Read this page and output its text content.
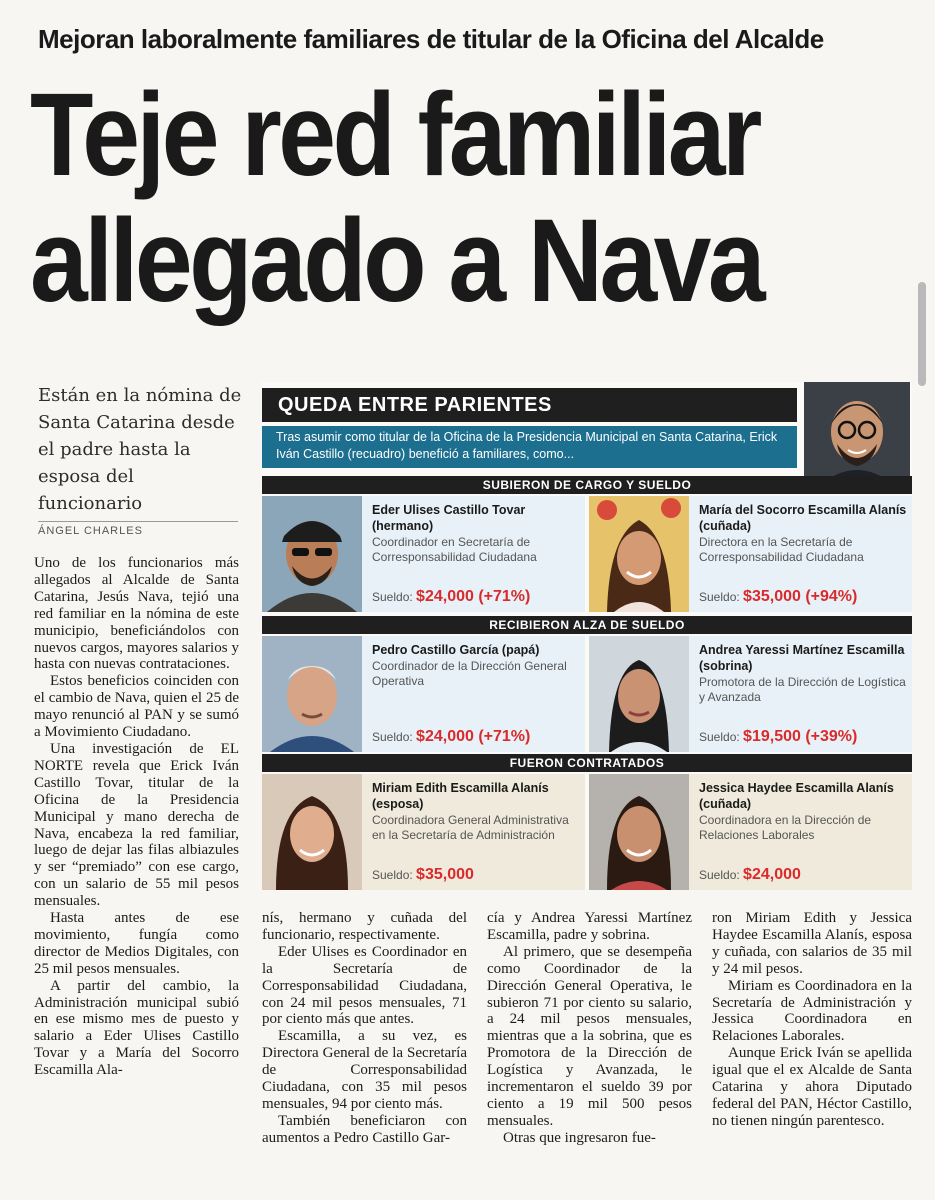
Mejoran laboralmente familiares de titular de la Oficina del Alcalde
Teje red familiar
allegado a Nava
Están en la nómina de Santa Catarina desde el padre hasta la esposa del funcionario
ÁNGEL CHARLES
QUEDA ENTRE PARIENTES
Tras asumir como titular de la Oficina de la Presidencia Municipal en Santa Catarina, Erick Iván Castillo (recuadro) benefició a familiares, como...
SUBIERON DE CARGO Y SUELDO
Eder Ulises Castillo Tovar (hermano)
Coordinador en Secretaría de Corresponsabilidad Ciudadana
Sueldo: $24,000 (+71%)
María del Socorro Escamilla Alanís (cuñada)
Directora en la Secretaría de Corresponsabilidad Ciudadana
Sueldo: $35,000 (+94%)
RECIBIERON ALZA DE SUELDO
Pedro Castillo García (papá)
Coordinador de la Dirección General Operativa
Sueldo: $24,000 (+71%)
Andrea Yaressi Martínez Escamilla (sobrina)
Promotora de la Dirección de Logística y Avanzada
Sueldo: $19,500 (+39%)
FUERON CONTRATADOS
Miriam Edith Escamilla Alanís (esposa)
Coordinadora General Administrativa en la Secretaría de Administración
Sueldo: $35,000
Jessica Haydee Escamilla Alanís (cuñada)
Coordinadora en la Dirección de Relaciones Laborales
Sueldo: $24,000

Uno de los funcionarios más allegados al Alcalde de Santa Catarina, Jesús Nava, tejió una red familiar en la nómina de este municipio, beneficiándolos con nuevos cargos, mayores salarios y hasta con nuevas contrataciones.

Estos beneficios coinciden con el cambio de Nava, quien el 25 de mayo renunció al PAN y se sumó a Movimiento Ciudadano.

Una investigación de EL NORTE revela que Erick Iván Castillo Tovar, titular de la Oficina de la Presidencia Municipal y mano derecha de Nava, encabeza la red familiar, luego de dejar las filas albiazules y ser “premiado” con ese cargo, con un salario de 55 mil pesos mensuales.

Hasta antes de ese movimiento, fungía como director de Medios Digitales, con 25 mil pesos mensuales.

A partir del cambio, la Administración municipal subió en ese mismo mes de puesto y salario a Eder Ulises Castillo Tovar y a María del Socorro Escamilla Ala-

nís, hermano y cuñada del funcionario, respectivamente.

Eder Ulises es Coordinador en la Secretaría de Corresponsabilidad Ciudadana, con 24 mil pesos mensuales, 71 por ciento más que antes.

Escamilla, a su vez, es Directora General de la Secretaría de Corresponsabilidad Ciudadana, con 35 mil pesos mensuales, 94 por ciento más.

También beneficiaron con aumentos a Pedro Castillo Gar-

cía y Andrea Yaressi Martínez Escamilla, padre y sobrina.

Al primero, que se desempeña como Coordinador de la Dirección General Operativa, le subieron 71 por ciento su salario, a 24 mil pesos mensuales, mientras que a la sobrina, que es Promotora de la Dirección de Logística y Avanzada, le incrementaron el sueldo 39 por ciento a 19 mil 500 pesos mensuales.

Otras que ingresaron fue-

ron Miriam Edith y Jessica Haydee Escamilla Alanís, esposa y cuñada, con salarios de 35 mil y 24 mil pesos.

Miriam es Coordinadora en la Secretaría de Administración y Jessica Coordinadora en Relaciones Laborales.

Aunque Erick Iván se apellida igual que el ex Alcalde de Santa Catarina y ahora Diputado federal del PAN, Héctor Castillo, no tienen ningún parentesco.
